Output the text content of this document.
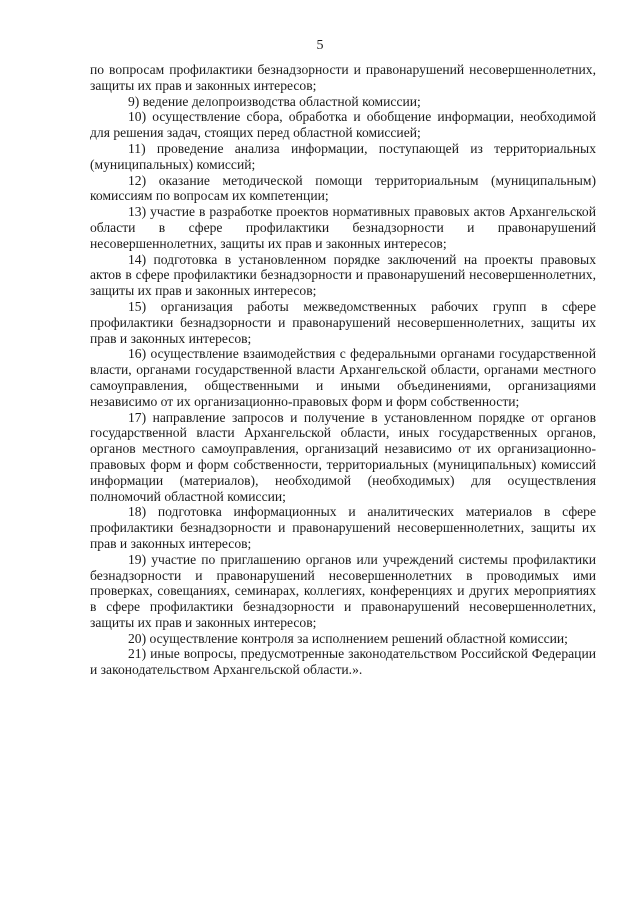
5

по вопросам профилактики безнадзорности и правонарушений несовершеннолетних, защиты их прав и законных интересов;

9) ведение делопроизводства областной комиссии;

10) осуществление сбора, обработка и обобщение информации, необходимой для решения задач, стоящих перед областной комиссией;

11) проведение анализа информации, поступающей из территориальных (муниципальных) комиссий;

12) оказание методической помощи территориальным (муниципальным) комиссиям по вопросам их компетенции;

13) участие в разработке проектов нормативных правовых актов Архангельской области в сфере профилактики безнадзорности и правонарушений несовершеннолетних, защиты их прав и законных интересов;

14) подготовка в установленном порядке заключений на проекты правовых актов в сфере профилактики безнадзорности и правонарушений несовершеннолетних, защиты их прав и законных интересов;

15) организация работы межведомственных рабочих групп в сфере профилактики безнадзорности и правонарушений несовершеннолетних, защиты их прав и законных интересов;

16) осуществление взаимодействия с федеральными органами государственной власти, органами государственной власти Архангельской области, органами местного самоуправления, общественными и иными объединениями, организациями независимо от их организационно-правовых форм и форм собственности;

17) направление запросов и получение в установленном порядке от органов государственной власти Архангельской области, иных государственных органов, органов местного самоуправления, организаций независимо от их организационно-правовых форм и форм собственности, территориальных (муниципальных) комиссий информации (материалов), необходимой (необходимых) для осуществления полномочий областной комиссии;

18) подготовка информационных и аналитических материалов в сфере профилактики безнадзорности и правонарушений несовершеннолетних, защиты их прав и законных интересов;

19) участие по приглашению органов или учреждений системы профилактики безнадзорности и правонарушений несовершеннолетних в проводимых ими проверках, совещаниях, семинарах, коллегиях, конференциях и других мероприятиях в сфере профилактики безнадзорности и правонарушений несовершеннолетних, защиты их прав и законных интересов;

20) осуществление контроля за исполнением решений областной комиссии;

21) иные вопросы, предусмотренные законодательством Российской Федерации и законодательством Архангельской области.».
